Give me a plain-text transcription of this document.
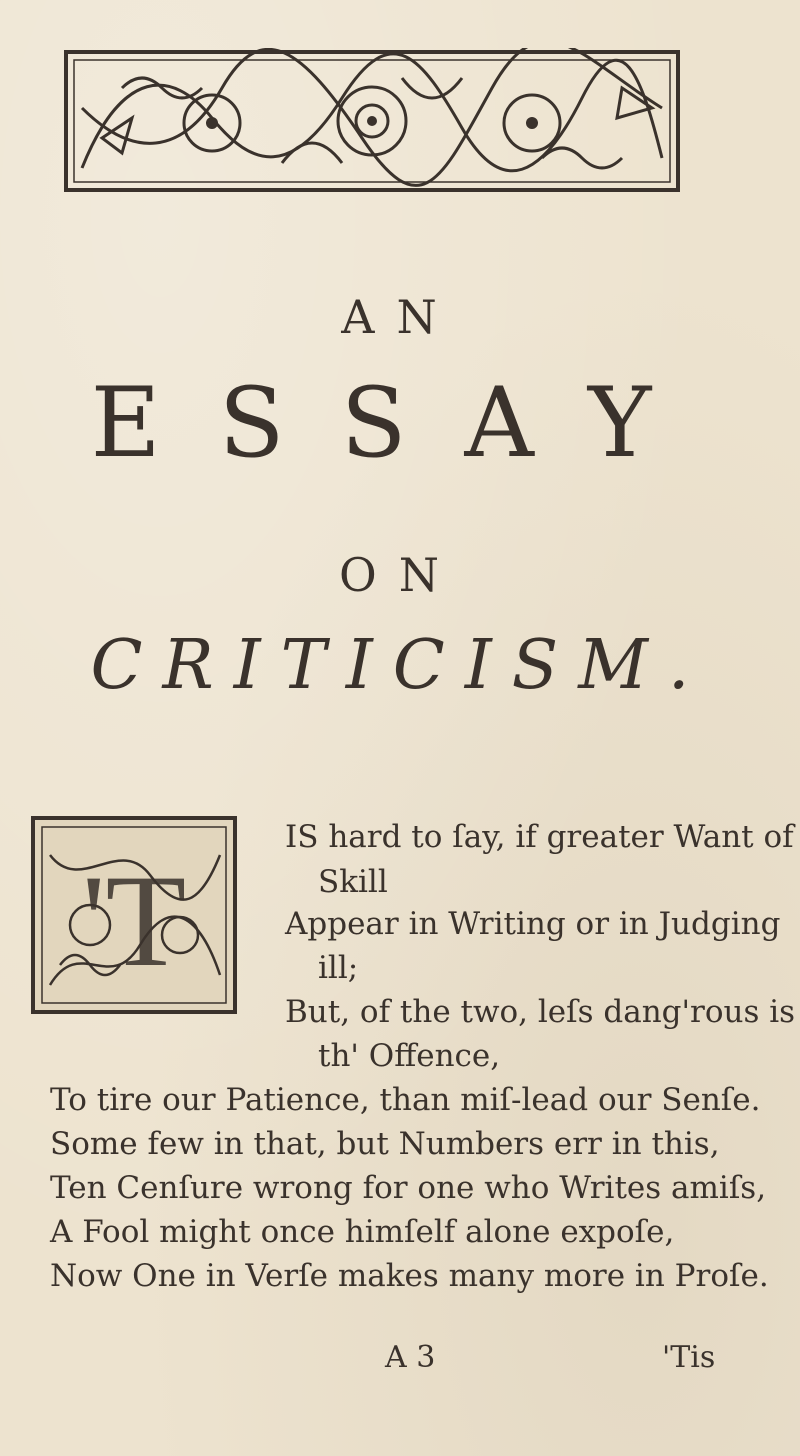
AN
ESSAY
ON
CRITICISM.
'T
IS hard to ſay, if greater Want of
Skill
Appear in Writing or in Judging
ill;
But, of the two, leſs dang'rous is
th' Offence,
To tire our Patience, than miſ-lead our Senſe.
Some few in that, but Numbers err in this,
Ten Cenſure wrong for one who Writes amiſs,
A Fool might once himſelf alone expoſe,
Now One in Verſe makes many more in Proſe.
A 3	'Tis
